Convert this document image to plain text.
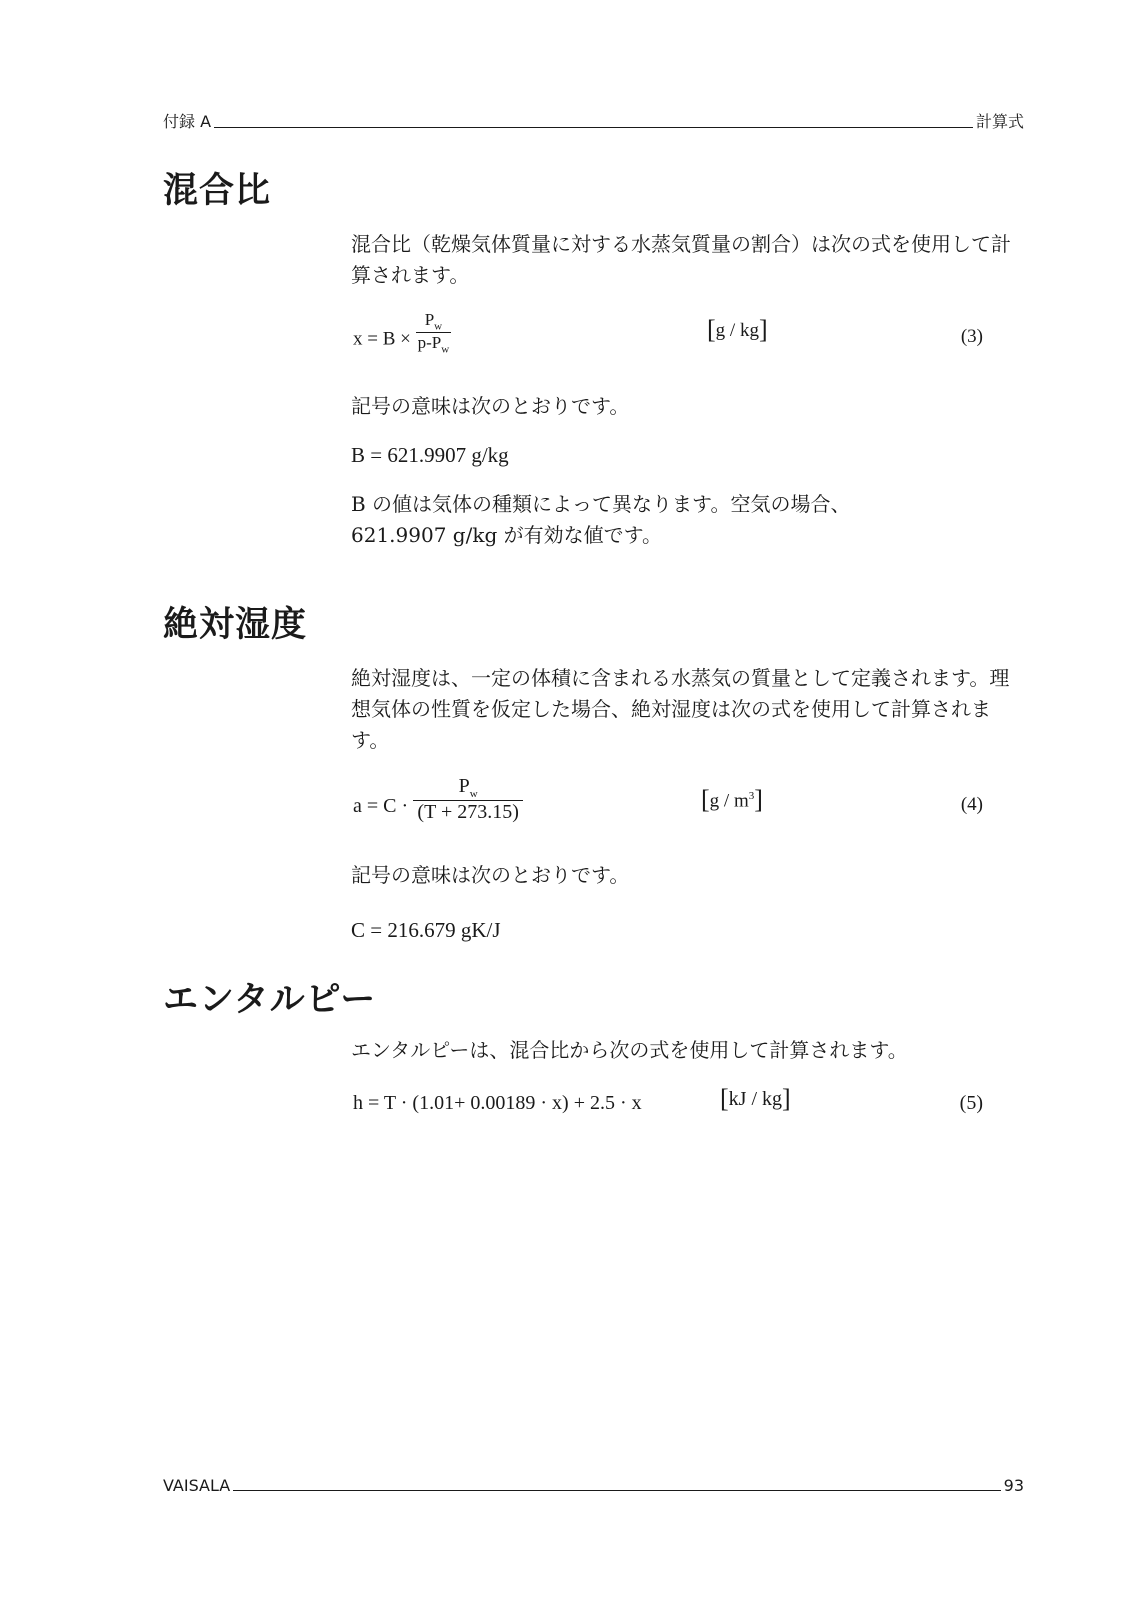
付録 A	計算式
混合比

混合比（乾燥気体質量に対する水蒸気質量の割合）は次の式を使用して計算されます。

$x = B \times \frac{P_w}{p-P_w}$	[g / kg]	(3)

記号の意味は次のとおりです。

B = 621.9907 g/kg

B の値は気体の種類によって異なります。空気の場合、621.9907 g/kg が有効な値です。

絶対湿度

絶対湿度は、一定の体積に含まれる水蒸気の質量として定義されます。理想気体の性質を仮定した場合、絶対湿度は次の式を使用して計算されます。

$a = C \cdot \frac{P_w}{(T + 273.15)}$	$[g / m^3]$	(4)

記号の意味は次のとおりです。

C = 216.679 gK/J

エンタルピー

エンタルピーは、混合比から次の式を使用して計算されます。

h = T · (1.01+ 0.00189 · x) + 2.5 · x	[kJ / kg]	(5)
VAISALA	93
